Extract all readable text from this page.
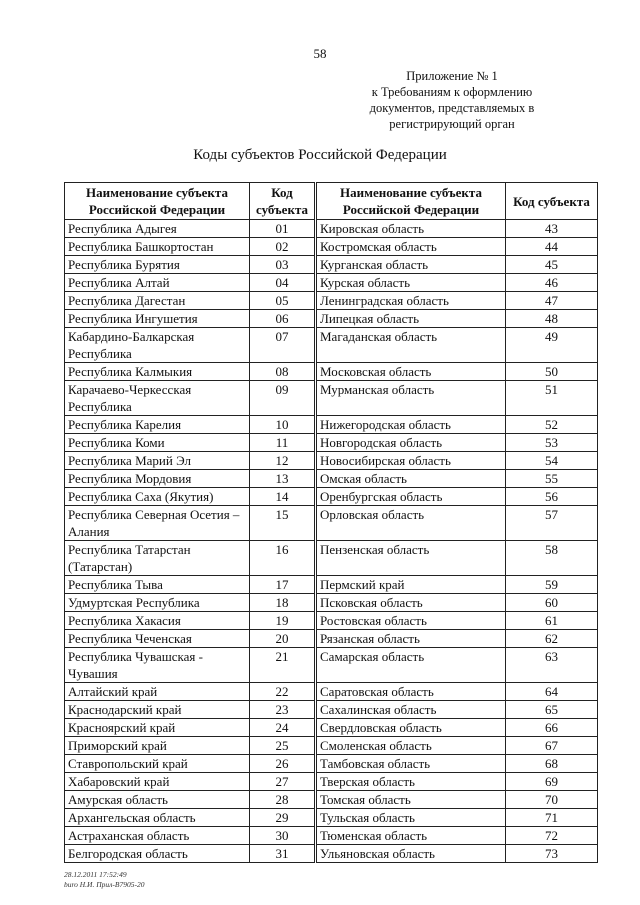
58
Приложение № 1
к Требованиям к оформлению
документов, представляемых в
регистрирующий орган
Коды субъектов Российской Федерации
Наименование субъекта Российской Федерации	Код субъекта	Наименование субъекта Российской Федерации	Код субъекта
Республика Адыгея	01	Кировская область	43
Республика Башкортостан	02	Костромская область	44
Республика Бурятия	03	Курганская область	45
Республика Алтай	04	Курская область	46
Республика Дагестан	05	Ленинградская область	47
Республика Ингушетия	06	Липецкая область	48
Кабардино-Балкарская Республика	07	Магаданская область	49
Республика Калмыкия	08	Московская область	50
Карачаево-Черкесская Республика	09	Мурманская область	51
Республика Карелия	10	Нижегородская область	52
Республика Коми	11	Новгородская область	53
Республика Марий Эл	12	Новосибирская область	54
Республика Мордовия	13	Омская область	55
Республика Саха (Якутия)	14	Оренбургская область	56
Республика Северная Осетия – Алания	15	Орловская область	57
Республика Татарстан (Татарстан)	16	Пензенская область	58
Республика Тыва	17	Пермский край	59
Удмуртская Республика	18	Псковская область	60
Республика Хакасия	19	Ростовская область	61
Республика Чеченская	20	Рязанская область	62
Республика Чувашская - Чувашия	21	Самарская область	63
Алтайский край	22	Саратовская область	64
Краснодарский край	23	Сахалинская область	65
Красноярский край	24	Свердловская область	66
Приморский край	25	Смоленская область	67
Ставропольский край	26	Тамбовская область	68
Хабаровский край	27	Тверская область	69
Амурская область	28	Томская область	70
Архангельская область	29	Тульская область	71
Астраханская область	30	Тюменская область	72
Белгородская область	31	Ульяновская область	73
28.12.2011 17:52:49
buro Н.И. Прил-В7905-20
